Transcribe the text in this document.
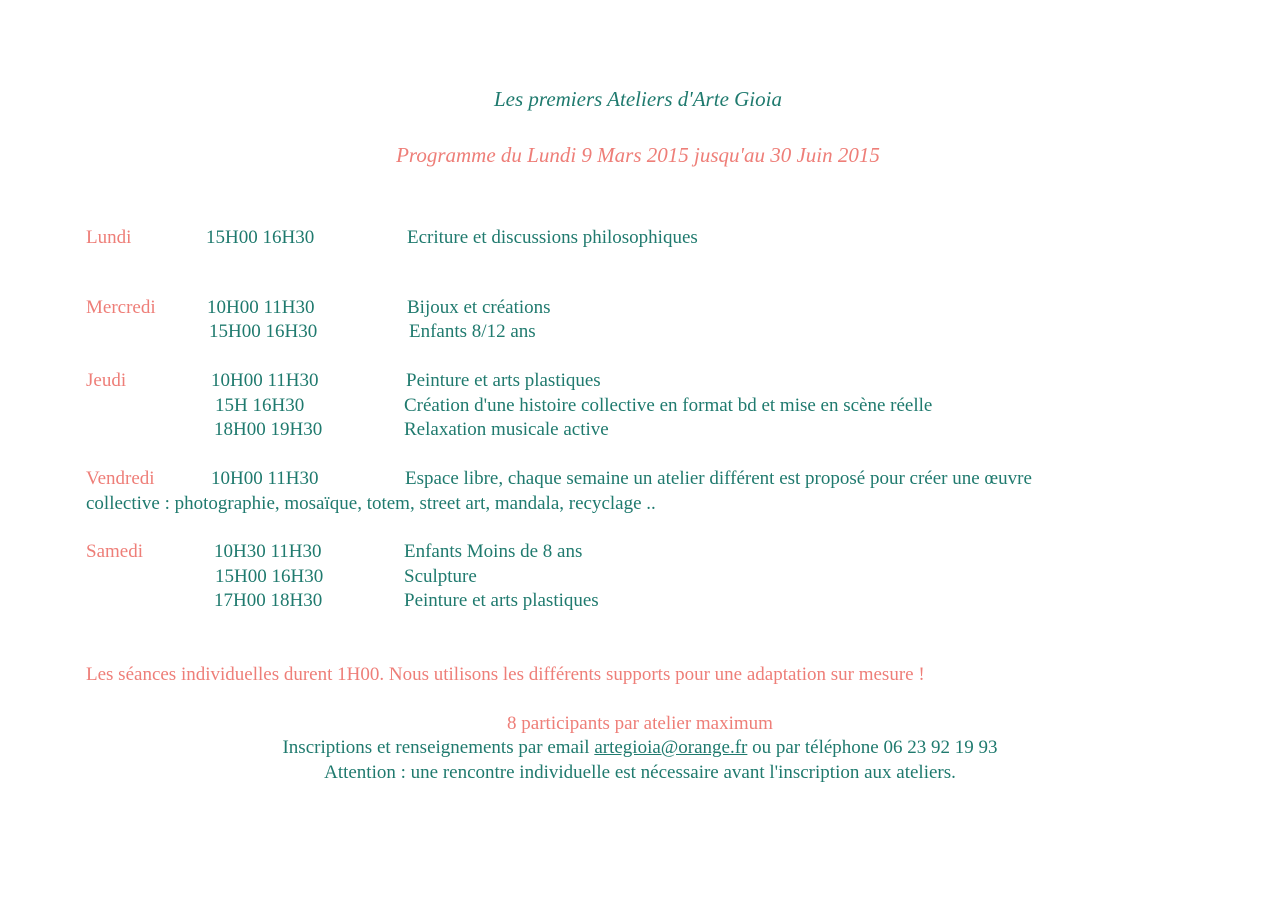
Les premiers Ateliers d'Arte Gioia
Programme du Lundi 9 Mars 2015 jusqu'au 30 Juin 2015
Lundi	15H00 16H30	Ecriture et discussions philosophiques
Mercredi	10H00 11H30	Bijoux et créations
15H00 16H30	Enfants 8/12 ans
Jeudi	10H00 11H30	Peinture et arts plastiques
15H 16H30	Création d'une histoire collective en format bd et mise en scène réelle
18H00 19H30	Relaxation musicale active
Vendredi	10H00 11H30	Espace libre, chaque semaine un atelier différent est proposé pour créer une œuvre
collective : photographie, mosaïque, totem, street art, mandala, recyclage ..
Samedi	10H30 11H30	Enfants Moins de 8 ans
15H00 16H30	Sculpture
17H00 18H30	Peinture et arts plastiques
Les séances individuelles durent 1H00. Nous utilisons les différents supports pour une adaptation sur mesure !
8 participants par atelier maximum
Inscriptions et renseignements par email artegioia@orange.fr ou par téléphone 06 23 92 19 93
Attention : une rencontre individuelle est nécessaire avant l'inscription aux ateliers.
